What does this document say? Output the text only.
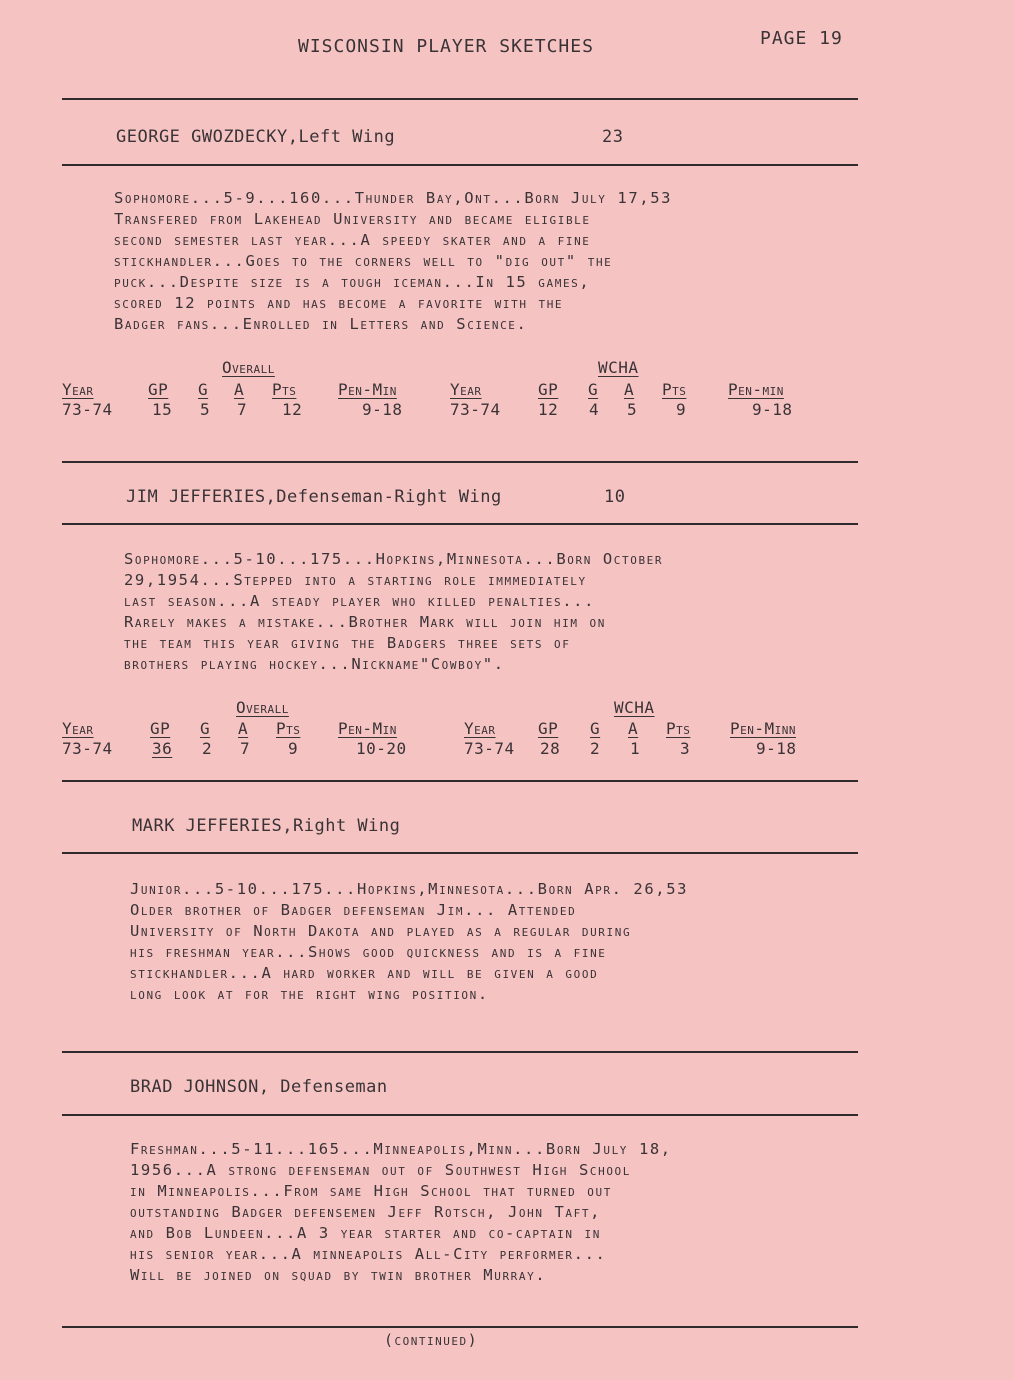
WISCONSIN PLAYER SKETCHES	PAGE 19
GEORGE GWOZDECKY,Left Wing	23
Sophomore...5-9...160...Thunder Bay,Ont...Born July 17,53
Transfered from Lakehead University and became eligible
second semester last year...A speedy skater and a fine
stickhandler...Goes to the corners well to "dig out" the
puck...Despite size is a tough iceman...In 15 games,
scored 12 points and has become a favorite with the
Badger fans...Enrolled in Letters and Science.
Overall	WCHA
Year	GP G A Pts	Pen-Min	Year	GP G A Pts	Pen-min
73-74 15 5 7 12	9-18	73-74 12 4 5 9	9-18
JIM JEFFERIES,Defenseman-Right Wing	10
Sophomore...5-10...175...Hopkins,Minnesota...Born October
29,1954...Stepped into a starting role immmediately
last season...A steady player who killed penalties...
Rarely makes a mistake...Brother Mark will join him on
the team this year giving the Badgers three sets of
brothers playing hockey...Nickname"Cowboy".
Overall	WCHA
Year	GP G A Pts Pen-Min	Year	GP G A Pts Pen-Minn
73-74 36 2 7 9	10-20	73-74 28 2 1 3	9-18
MARK JEFFERIES,Right Wing
Junior...5-10...175...Hopkins,Minnesota...Born Apr. 26,53
Older brother of Badger defenseman Jim... Attended
University of North Dakota and played as a regular during
his freshman year...Shows good quickness and is a fine
stickhandler...A hard worker and will be given a good
long look at for the right wing position.
BRAD JOHNSON, Defenseman
Freshman...5-11...165...Minneapolis,Minn...Born July 18,
1956...A strong defenseman out of Southwest High School
in Minneapolis...From same High School that turned out
outstanding Badger defensemen Jeff Rotsch, John Taft,
and Bob Lundeen...A 3 year starter and co-captain in
his senior year...A minneapolis All-City performer...
Will be joined on squad by twin brother Murray.
(continued)
